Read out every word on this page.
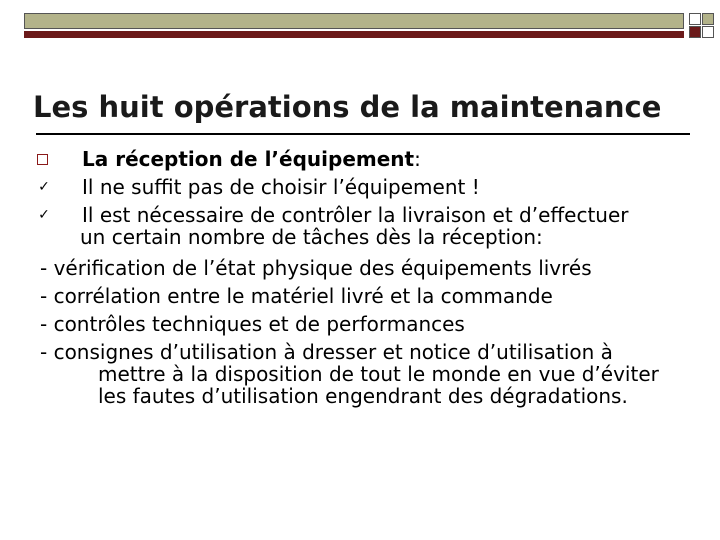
Les huit opérations de la maintenance
La réception de l’équipement:
✓ Il ne suffit pas de choisir l’équipement !
✓ Il est nécessaire de contrôler la livraison et d’effectuer
un certain nombre de tâches dès la réception:
- vérification de l’état physique des équipements livrés
- corrélation entre le matériel livré et la commande
- contrôles techniques et de performances
- consignes d’utilisation à dresser et notice d’utilisation à
mettre à la disposition de tout le monde en vue d’éviter
les fautes d’utilisation engendrant des dégradations.
